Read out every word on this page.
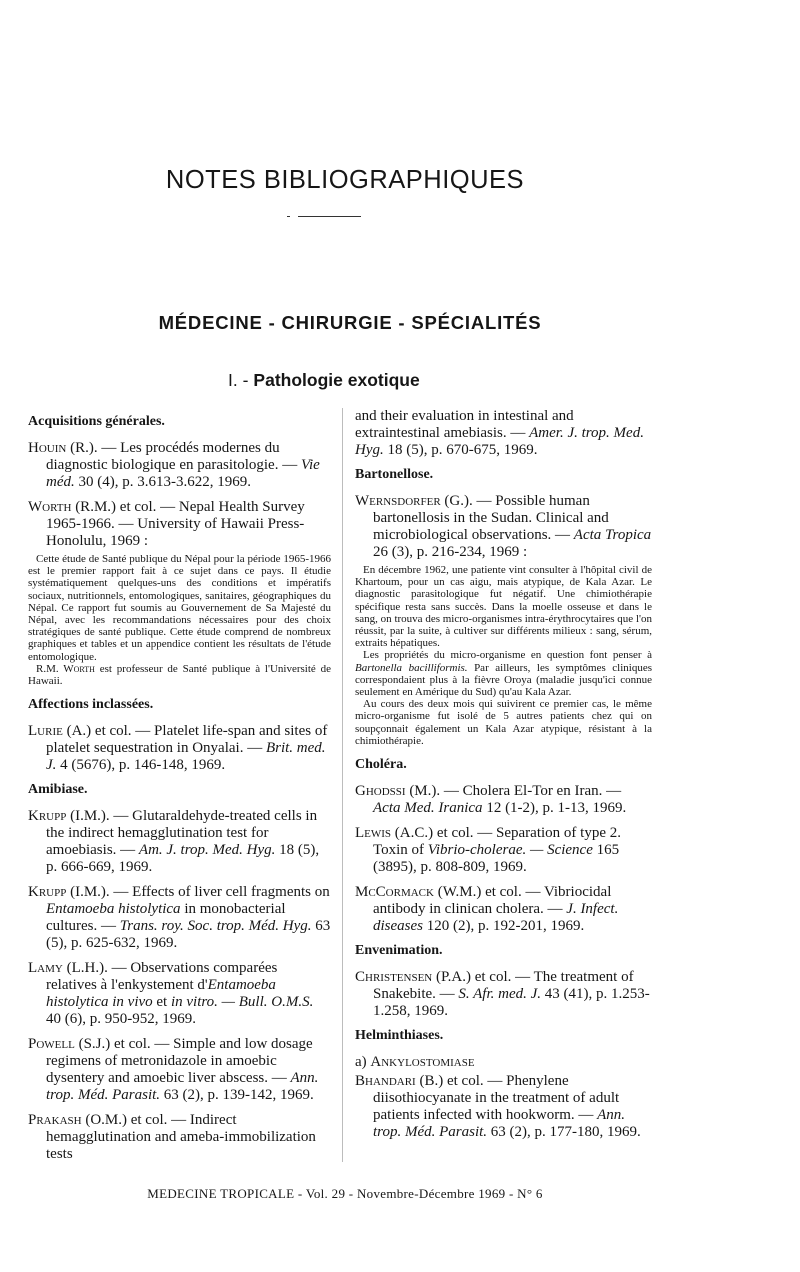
NOTES BIBLIOGRAPHIQUES
MÉDECINE - CHIRURGIE - SPÉCIALITÉS
I. - Pathologie exotique
Acquisitions générales.

Houin (R.). — Les procédés modernes du diagnostic biologique en parasitologie. — Vie méd. 30 (4), p. 3.613-3.622, 1969.

Worth (R.M.) et col. — Nepal Health Survey 1965-1966. — University of Hawaii Press-Honolulu, 1969 :

Cette étude de Santé publique du Népal pour la période 1965-1966 est le premier rapport fait à ce sujet dans ce pays. Il étudie systématiquement quelques-uns des conditions et impératifs sociaux, nutritionnels, entomologiques, sanitaires, géographiques du Népal. Ce rapport fut soumis au Gouvernement de Sa Majesté du Népal, avec les recommandations nécessaires pour des choix stratégiques de santé publique. Cette étude comprend de nombreux graphiques et tables et un appendice contient les résultats de l'étude entomologique.

R.M. Worth est professeur de Santé publique à l'Université de Hawaii.

Affections inclassées.

Lurie (A.) et col. — Platelet life-span and sites of platelet sequestration in Onyalai. — Brit. med. J. 4 (5676), p. 146-148, 1969.

Amibiase.

Krupp (I.M.). — Glutaraldehyde-treated cells in the indirect hemagglutination test for amoebiasis. — Am. J. trop. Med. Hyg. 18 (5), p. 666-669, 1969.

Krupp (I.M.). — Effects of liver cell fragments on Entamoeba histolytica in monobacterial cultures. — Trans. roy. Soc. trop. Méd. Hyg. 63 (5), p. 625-632, 1969.

Lamy (L.H.). — Observations comparées relatives à l'enkystement d'Entamoeba histolytica in vivo et in vitro. — Bull. O.M.S. 40 (6), p. 950-952, 1969.

Powell (S.J.) et col. — Simple and low dosage regimens of metronidazole in amoebic dysentery and amoebic liver abscess. — Ann. trop. Méd. Parasit. 63 (2), p. 139-142, 1969.

Prakash (O.M.) et col. — Indirect hemagglutination and ameba-immobilization tests

and their evaluation in intestinal and extraintestinal amebiasis. — Amer. J. trop. Med. Hyg. 18 (5), p. 670-675, 1969.

Bartonellose.

Wernsdorfer (G.). — Possible human bartonellosis in the Sudan. Clinical and microbiological observations. — Acta Tropica 26 (3), p. 216-234, 1969 :

En décembre 1962, une patiente vint consulter à l'hôpital civil de Khartoum, pour un cas aigu, mais atypique, de Kala Azar. Le diagnostic parasitologique fut négatif. Une chimiothérapie spécifique resta sans succès. Dans la moelle osseuse et dans le sang, on trouva des micro-organismes intra-érythrocytaires que l'on réussit, par la suite, à cultiver sur différents milieux : sang, sérum, extraits hépatiques.

Les propriétés du micro-organisme en question font penser à Bartonella bacilliformis. Par ailleurs, les symptômes cliniques correspondaient plus à la fièvre Oroya (maladie jusqu'ici connue seulement en Amérique du Sud) qu'au Kala Azar.

Au cours des deux mois qui suivirent ce premier cas, le même micro-organisme fut isolé de 5 autres patients chez qui on soupçonnait également un Kala Azar atypique, résistant à la chimiothérapie.

Choléra.

Ghodssi (M.). — Cholera El-Tor en Iran. — Acta Med. Iranica 12 (1-2), p. 1-13, 1969.

Lewis (A.C.) et col. — Separation of type 2. Toxin of Vibrio-cholerae. — Science 165 (3895), p. 808-809, 1969.

McCormack (W.M.) et col. — Vibriocidal antibody in clinican cholera. — J. Infect. diseases 120 (2), p. 192-201, 1969.

Envenimation.

Christensen (P.A.) et col. — The treatment of Snakebite. — S. Afr. med. J. 43 (41), p. 1.253-1.258, 1969.

Helminthiases.

a) Ankylostomiase

Bhandari (B.) et col. — Phenylene diisothiocyanate in the treatment of adult patients infected with hookworm. — Ann. trop. Méd. Parasit. 63 (2), p. 177-180, 1969.

MEDECINE TROPICALE - Vol. 29 - Novembre-Décembre 1969 - N° 6
